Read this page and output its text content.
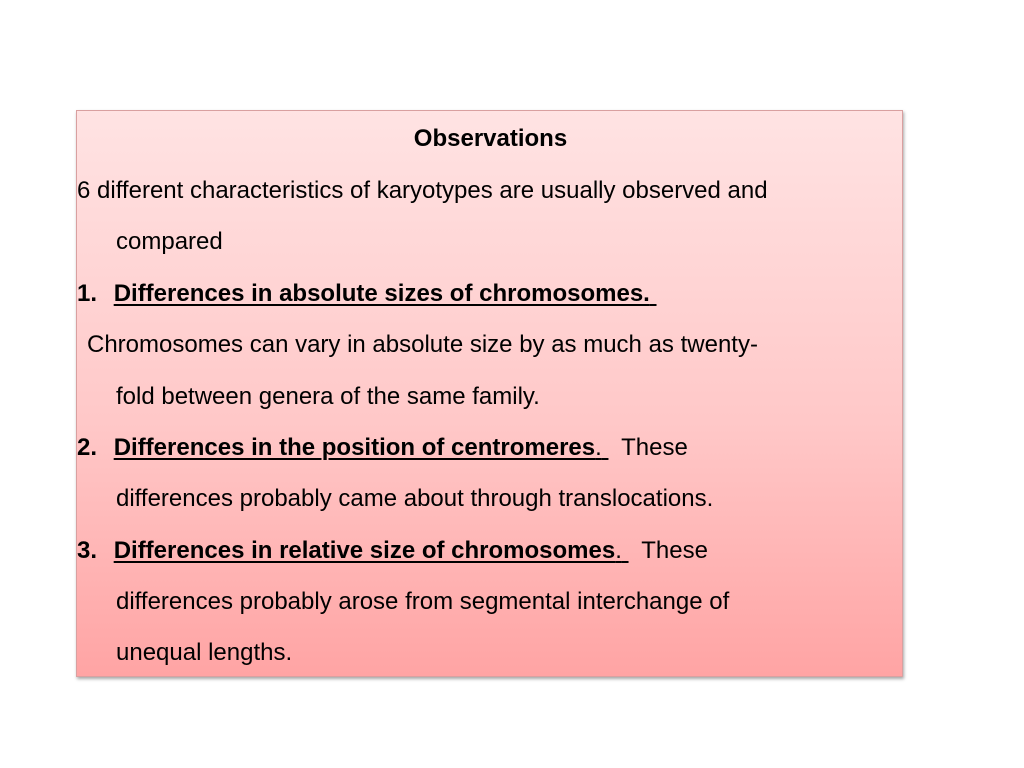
Observations
6 different characteristics of karyotypes are usually observed and
compared
1. Differences in absolute sizes of chromosomes.
Chromosomes can vary in absolute size by as much as twenty-
fold between genera of the same family.
2. Differences in the position of centromeres. These
differences probably came about through translocations.
3. Differences in relative size of chromosomes. These
differences probably arose from segmental interchange of
unequal lengths.
